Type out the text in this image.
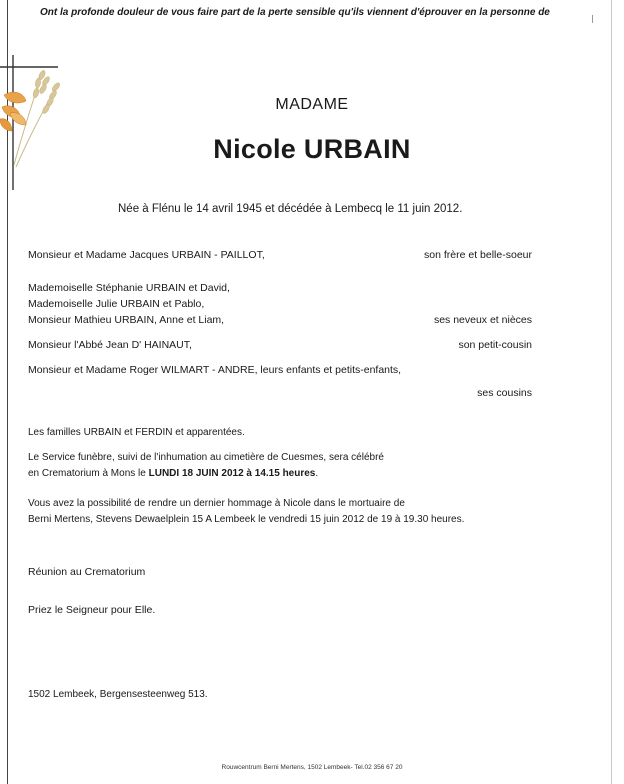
Ont la profonde douleur de vous faire part de la perte sensible qu'ils viennent d'éprouver en la personne de
MADAME
Nicole URBAIN
Née à Flénu le 14 avril 1945 et décédée à Lembecq le 11 juin 2012.
Monsieur et Madame Jacques URBAIN - PAILLOT,	son frère et belle-soeur
Mademoiselle Stéphanie URBAIN et David,
Mademoiselle Julie URBAIN et Pablo,
Monsieur Mathieu URBAIN, Anne et Liam,	ses neveux et nièces
Monsieur l'Abbé Jean D' HAINAUT,	son petit-cousin
Monsieur et Madame Roger WILMART - ANDRE, leurs enfants et petits-enfants,
ses cousins
Les familles URBAIN et FERDIN et apparentées.
Le Service funèbre, suivi de l'inhumation au cimetière de Cuesmes, sera célébré
en Crematorium à Mons le LUNDI 18 JUIN 2012 à 14.15 heures.
Vous avez la possibilité de rendre un dernier hommage à Nicole dans le mortuaire de
Berni Mertens, Stevens Dewaelplein 15 A Lembeek le vendredi 15 juin 2012 de 19 à 19.30 heures.
Réunion au Crematorium
Priez le Seigneur pour Elle.
1502 Lembeek, Bergensesteenweg 513.
Rouwcentrum Berni Mertens, 1502 Lembeek- Tel.02 356 67 20
